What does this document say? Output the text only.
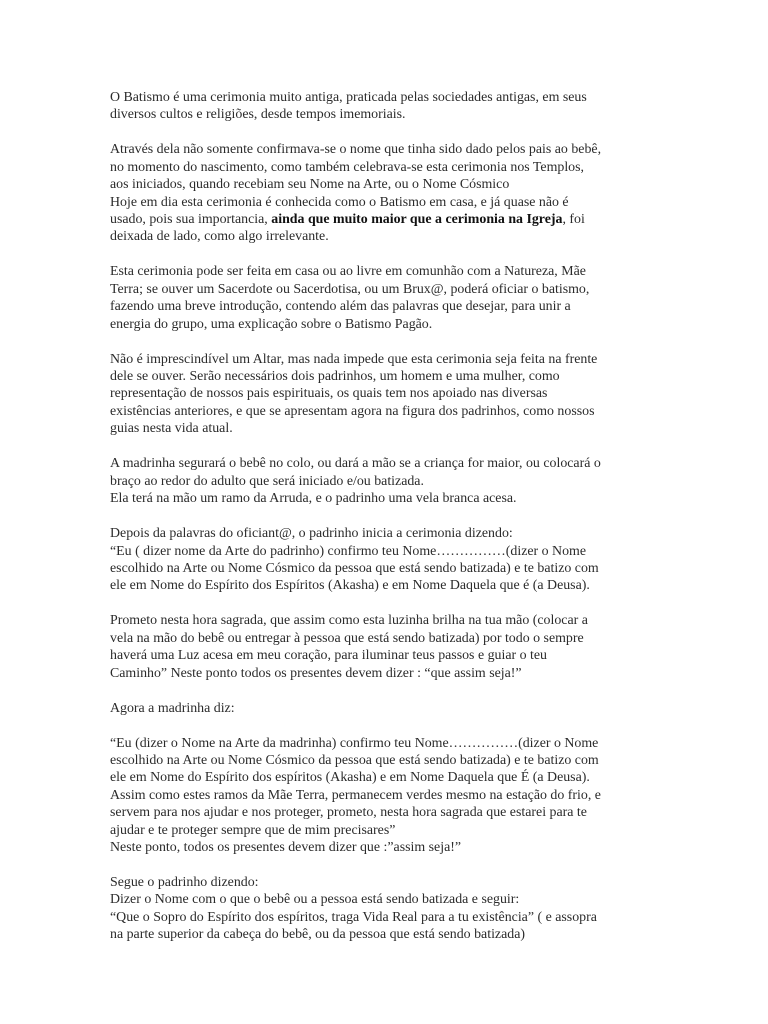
O Batismo é uma cerimonia muito antiga, praticada pelas sociedades antigas, em seus
diversos cultos e religiões, desde tempos imemoriais.

Através dela não somente confirmava-se o nome que tinha sido dado pelos pais ao bebê,
no momento do nascimento, como também celebrava-se esta cerimonia nos Templos,
aos iniciados, quando recebiam seu Nome na Arte, ou o Nome Cósmico
Hoje em dia esta cerimonia é conhecida como o Batismo em casa, e já quase não é
usado, pois sua importancia, ainda que muito maior que a cerimonia na Igreja, foi
deixada de lado, como algo irrelevante.

Esta cerimonia pode ser feita em casa ou ao livre em comunhão com a Natureza, Mãe
Terra; se ouver um Sacerdote ou Sacerdotisa, ou um Brux@, poderá oficiar o batismo,
fazendo uma breve introdução, contendo além das palavras que desejar, para unir a
energia do grupo, uma explicação sobre o Batismo Pagão.

Não é imprescindível um Altar, mas nada impede que esta cerimonia seja feita na frente
dele se ouver. Serão necessários dois padrinhos, um homem e uma mulher, como
representação de nossos pais espirituais, os quais tem nos apoiado nas diversas
existências anteriores, e que se apresentam agora na figura dos padrinhos, como nossos
guias nesta vida atual.

A madrinha segurará o bebê no colo, ou dará a mão se a criança for maior, ou colocará o
braço ao redor do adulto que será iniciado e/ou batizada.
Ela terá na mão um ramo da Arruda, e o padrinho uma vela branca acesa.

Depois da palavras do oficiant@, o padrinho inicia a cerimonia dizendo:
“Eu ( dizer nome da Arte do padrinho) confirmo teu Nome……………(dizer o Nome
escolhido na Arte ou Nome Cósmico da pessoa que está sendo batizada) e te batizo com
ele em Nome do Espírito dos Espíritos (Akasha) e em Nome Daquela que é (a Deusa).

Prometo nesta hora sagrada, que assim como esta luzinha brilha na tua mão (colocar a
vela na mão do bebê ou entregar à pessoa que está sendo batizada) por todo o sempre
haverá uma Luz acesa em meu coração, para iluminar teus passos e guiar o teu
Caminho” Neste ponto todos os presentes devem dizer : “que assim seja!”

Agora a madrinha diz:

“Eu (dizer o Nome na Arte da madrinha) confirmo teu Nome……………(dizer o Nome
escolhido na Arte ou Nome Cósmico da pessoa que está sendo batizada) e te batizo com
ele em Nome do Espírito dos espíritos (Akasha) e em Nome Daquela que É (a Deusa).
Assim como estes ramos da Mãe Terra, permanecem verdes mesmo na estação do frio, e
servem para nos ajudar e nos proteger, prometo, nesta hora sagrada que estarei para te
ajudar e te proteger sempre que de mim precisares”
Neste ponto, todos os presentes devem dizer que :”assim seja!”

Segue o padrinho dizendo:
Dizer o Nome com o que o bebê ou a pessoa está sendo batizada e seguir:
“Que o Sopro do Espírito dos espíritos, traga Vida Real para a tu existência” ( e assopra
na parte superior da cabeça do bebê, ou da pessoa que está sendo batizada)
